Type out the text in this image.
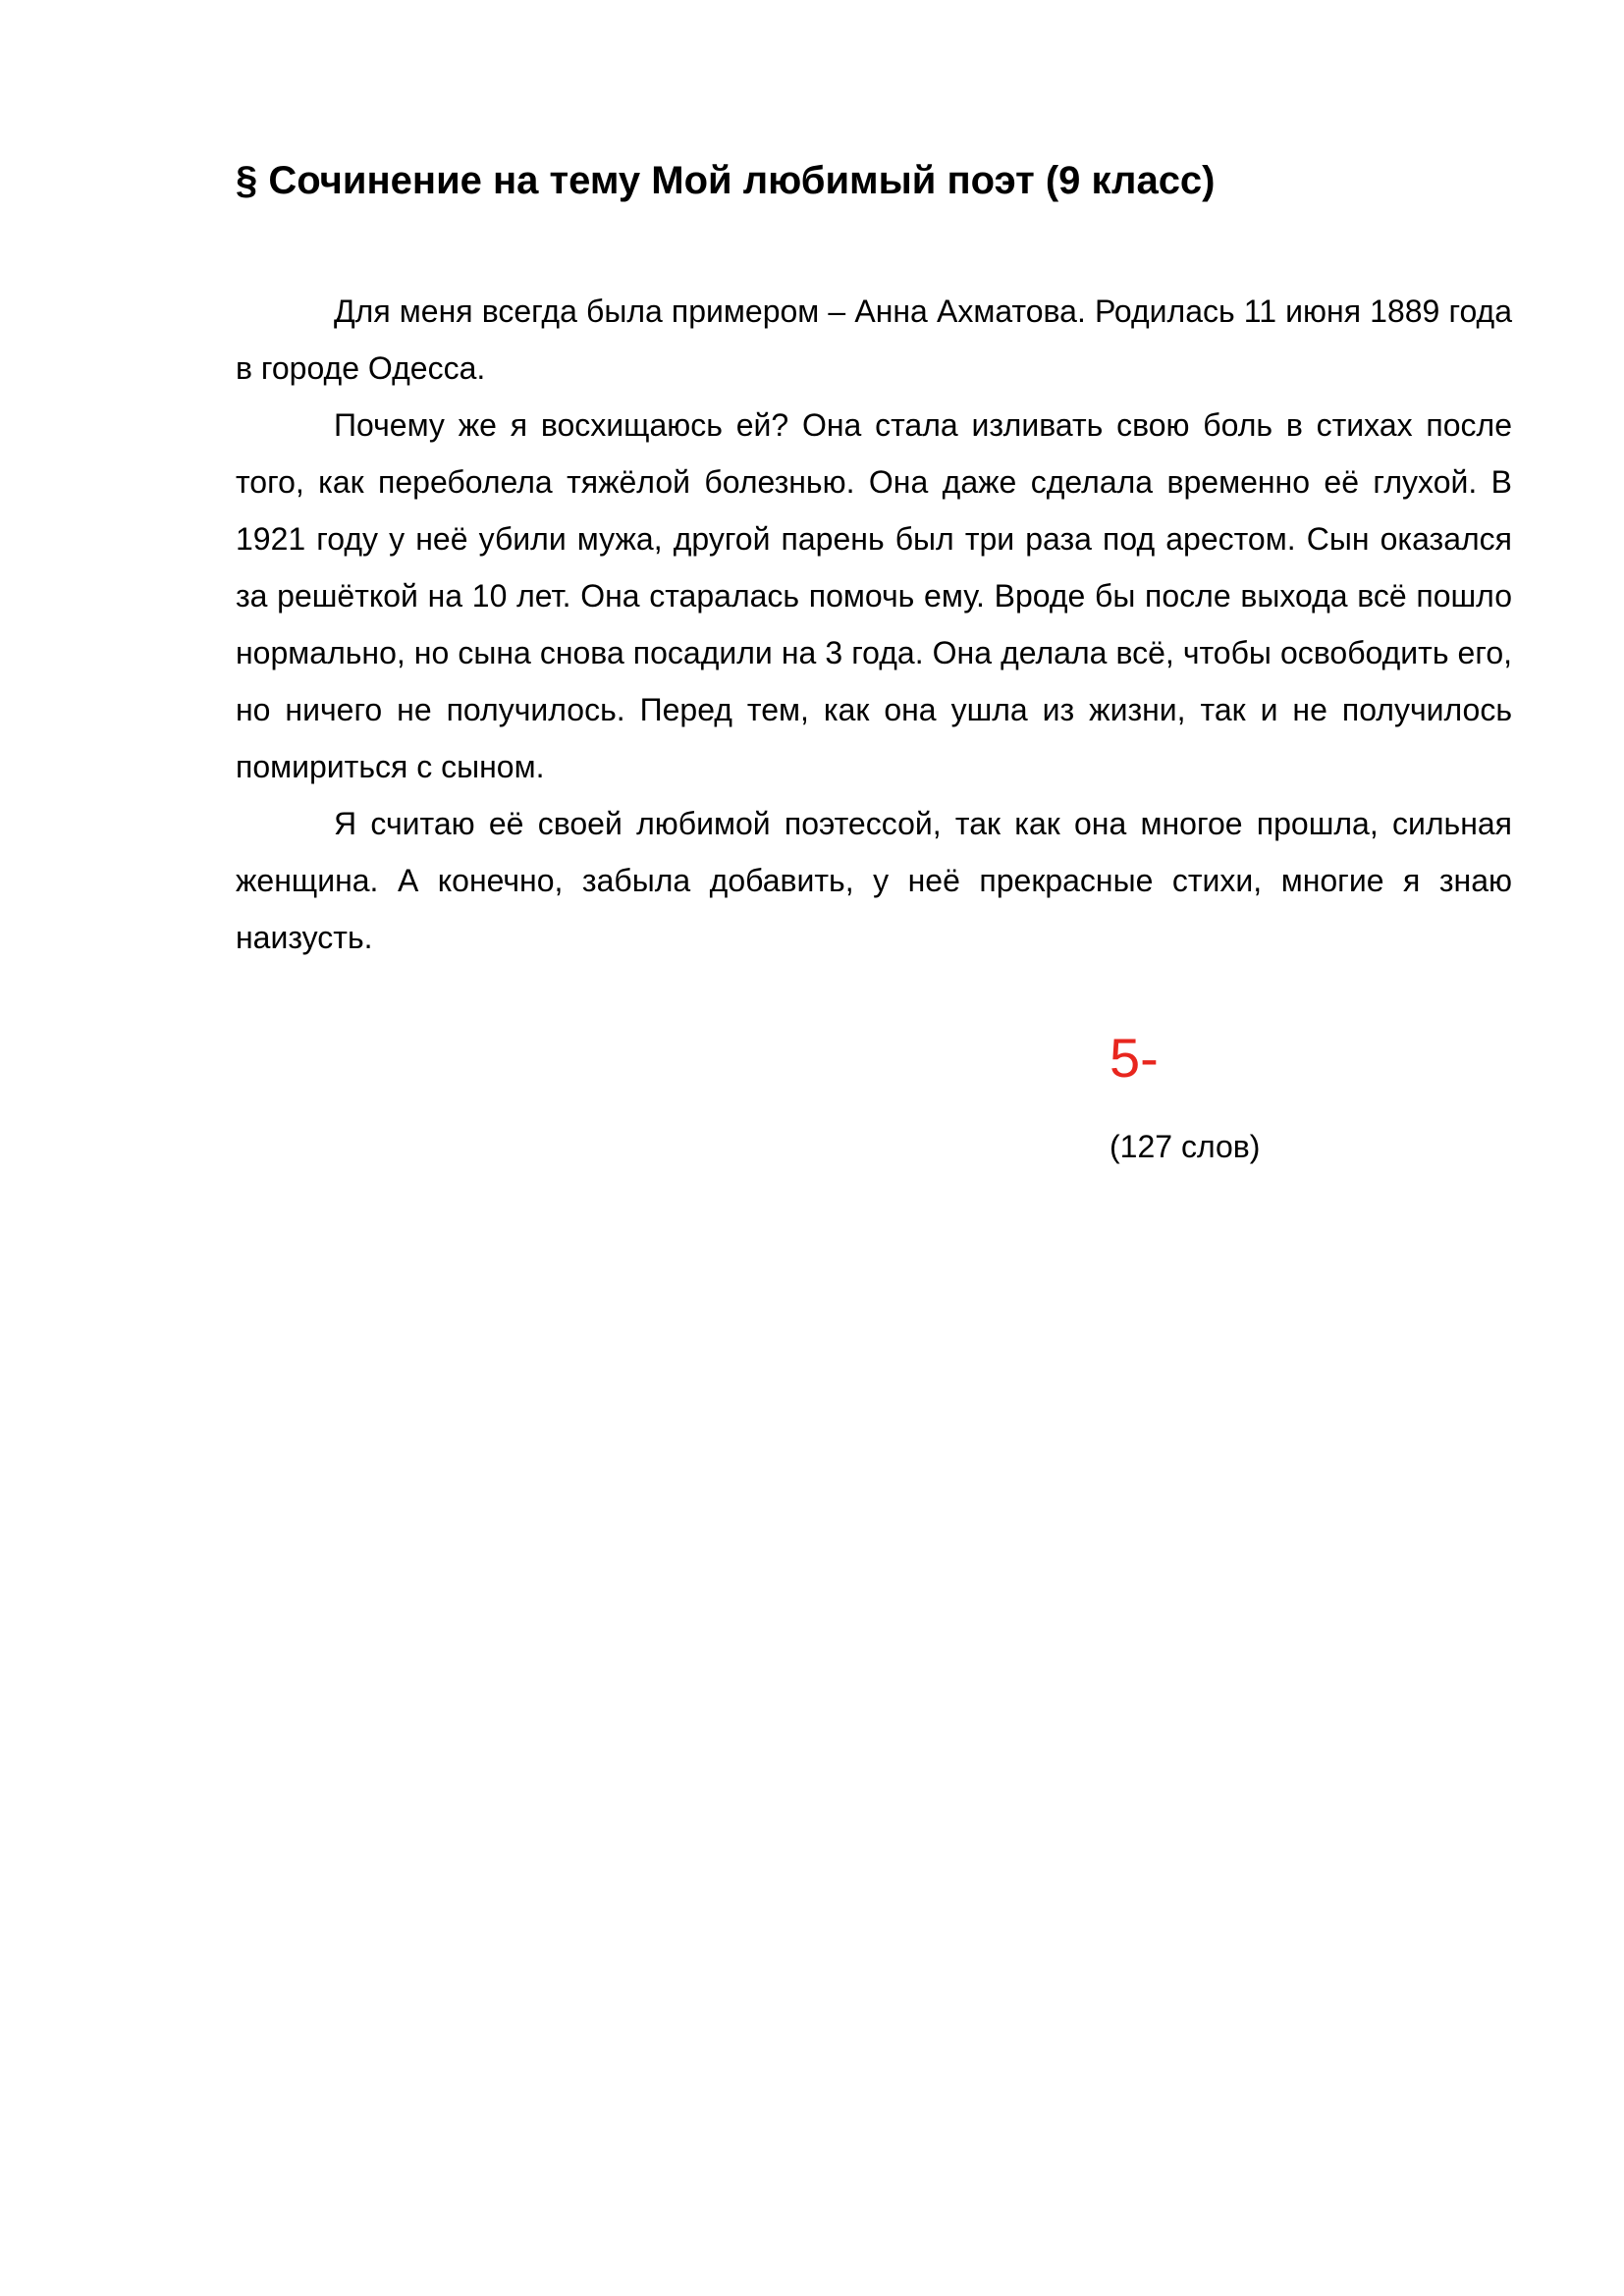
§ Сочинение на тему Мой любимый поэт (9 класс)

Для меня всегда была примером – Анна Ахматова. Родилась 11 июня 1889 года в городе Одесса.

Почему же я восхищаюсь ей? Она стала изливать свою боль в стихах после того, как переболела тяжёлой болезнью. Она даже сделала временно её глухой. В 1921 году у неё убили мужа, другой парень был три раза под арестом. Сын оказался за решёткой на 10 лет. Она старалась помочь ему. Вроде бы после выхода всё пошло нормально, но сына снова посадили на 3 года. Она делала всё, чтобы освободить его, но ничего не получилось. Перед тем, как она ушла из жизни, так и не получилось помириться с сыном.

Я считаю её своей любимой поэтессой, так как она многое прошла, сильная женщина. А конечно, забыла добавить, у неё прекрасные стихи, многие я знаю наизусть.

5-
(127 слов)
